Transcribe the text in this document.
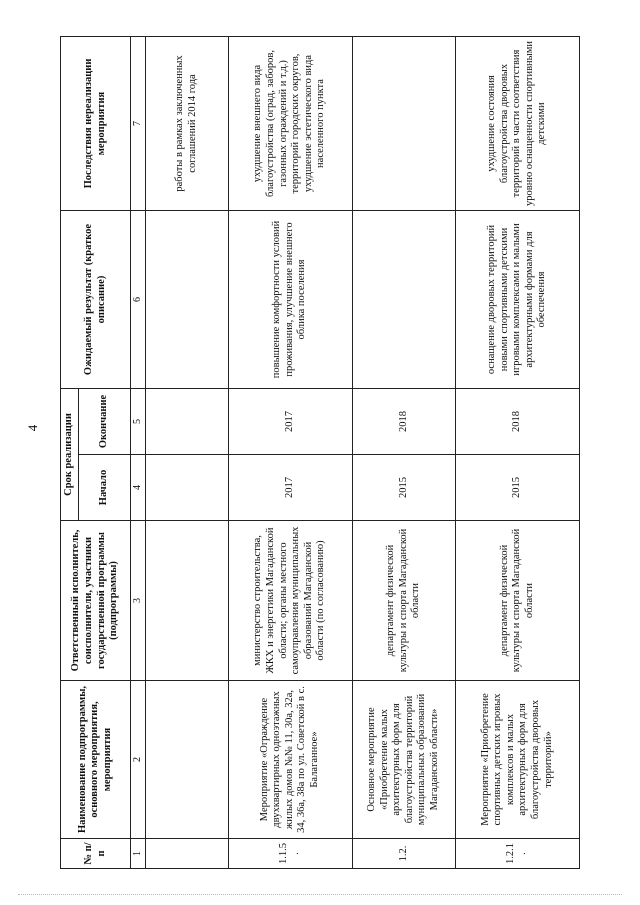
4
№ п/п	Наименование подпрограммы, основного мероприятия, мероприятия	Ответственный исполнитель, соисполнители, участники государственной программы (подпрограммы)	Срок реализации		Ожидаемый результат (краткое описание)	Последствия нереализации мероприятия
			Начало	Окончание		
1	2	3	4	5	6	7
						работы в рамках заключенных соглашений 2014 года
1.1.5.	Мероприятие «Ограждение двухквартирных одноэтажных жилых домов №№ 11, 30а, 32а, 34, 36а, 38а по ул. Советской в с. Балаганное»	министерство строительства, ЖКХ и энергетики Магаданской области; органы местного самоуправления муниципальных образований Магаданской области (по согласованию)	2017	2017	повышение комфортности условий проживания, улучшение внешнего облика поселения	ухудшение внешнего вида благоустройства (оград, заборов, газонных ограждений и т.д.) территорий городских округов, ухудшение эстетического вида населенного пункта
1.2.	Основное мероприятие «Приобретение малых архитектурных форм для благоустройства территорий муниципальных образований Магаданской области»	департамент физической культуры и спорта Магаданской области	2015	2018		
1.2.1.	Мероприятие «Приобретение спортивных детских игровых комплексов и малых архитектурных форм для благоустройства дворовых территорий»	департамент физической культуры и спорта Магаданской области	2015	2018	оснащение дворовых территорий новыми спортивными детскими игровыми комплексами и малыми архитектурными формами для обеспечения	ухудшение состояния благоустройства дворовых территорий в части соответствия уровню оснащенности спортивными детскими
